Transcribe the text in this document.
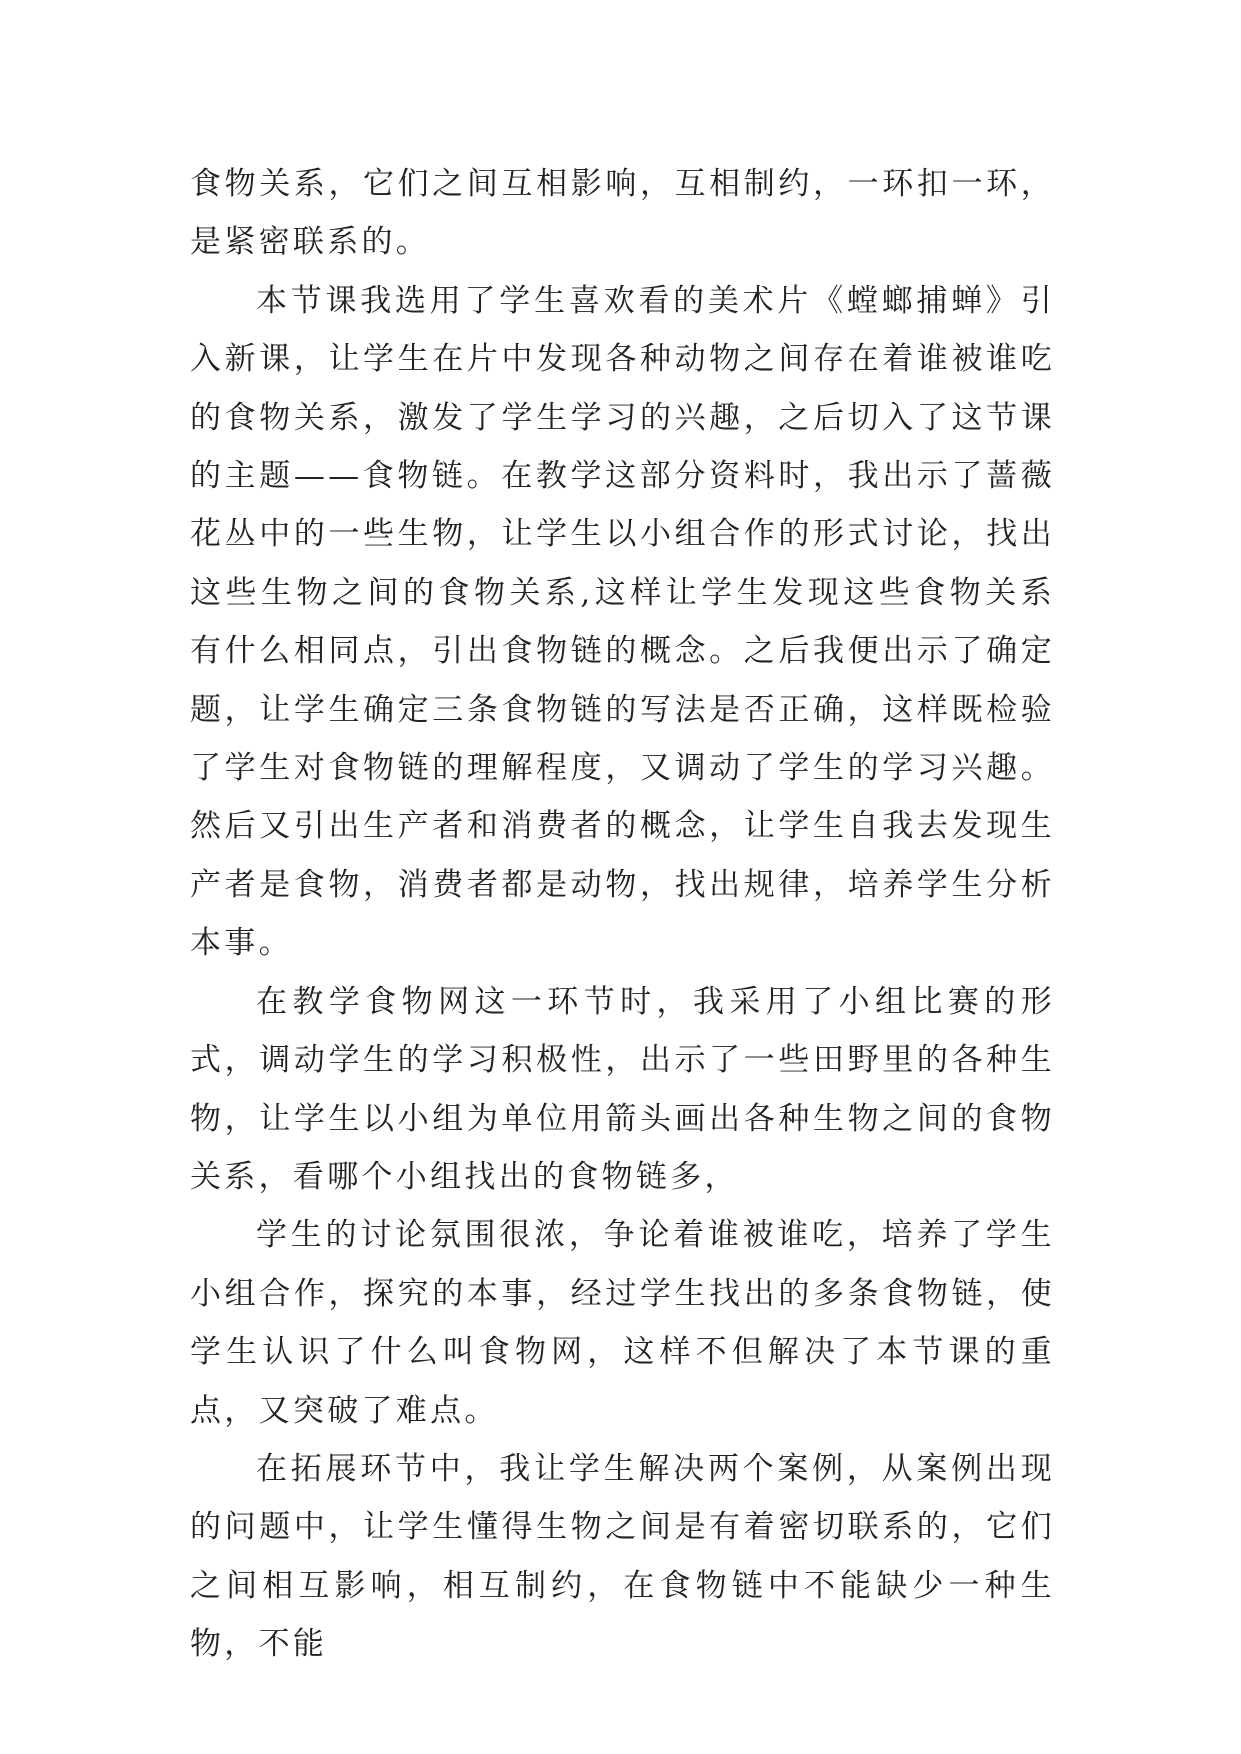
食物关系，它们之间互相影响，互相制约，一环扣一环，是紧密联系的。

本节课我选用了学生喜欢看的美术片《螳螂捕蝉》引入新课，让学生在片中发现各种动物之间存在着谁被谁吃的食物关系，激发了学生学习的兴趣，之后切入了这节课的主题——食物链。在教学这部分资料时，我出示了蔷薇花丛中的一些生物，让学生以小组合作的形式讨论，找出这些生物之间的食物关系,这样让学生发现这些食物关系有什么相同点，引出食物链的概念。之后我便出示了确定题，让学生确定三条食物链的写法是否正确，这样既检验了学生对食物链的理解程度，又调动了学生的学习兴趣。然后又引出生产者和消费者的概念，让学生自我去发现生产者是食物，消费者都是动物，找出规律，培养学生分析本事。

在教学食物网这一环节时，我采用了小组比赛的形式，调动学生的学习积极性，出示了一些田野里的各种生物，让学生以小组为单位用箭头画出各种生物之间的食物关系，看哪个小组找出的食物链多，

学生的讨论氛围很浓，争论着谁被谁吃，培养了学生小组合作，探究的本事，经过学生找出的多条食物链，使学生认识了什么叫食物网，这样不但解决了本节课的重点，又突破了难点。

在拓展环节中，我让学生解决两个案例，从案例出现的问题中，让学生懂得生物之间是有着密切联系的，它们之间相互影响，相互制约，在食物链中不能缺少一种生物，不能
